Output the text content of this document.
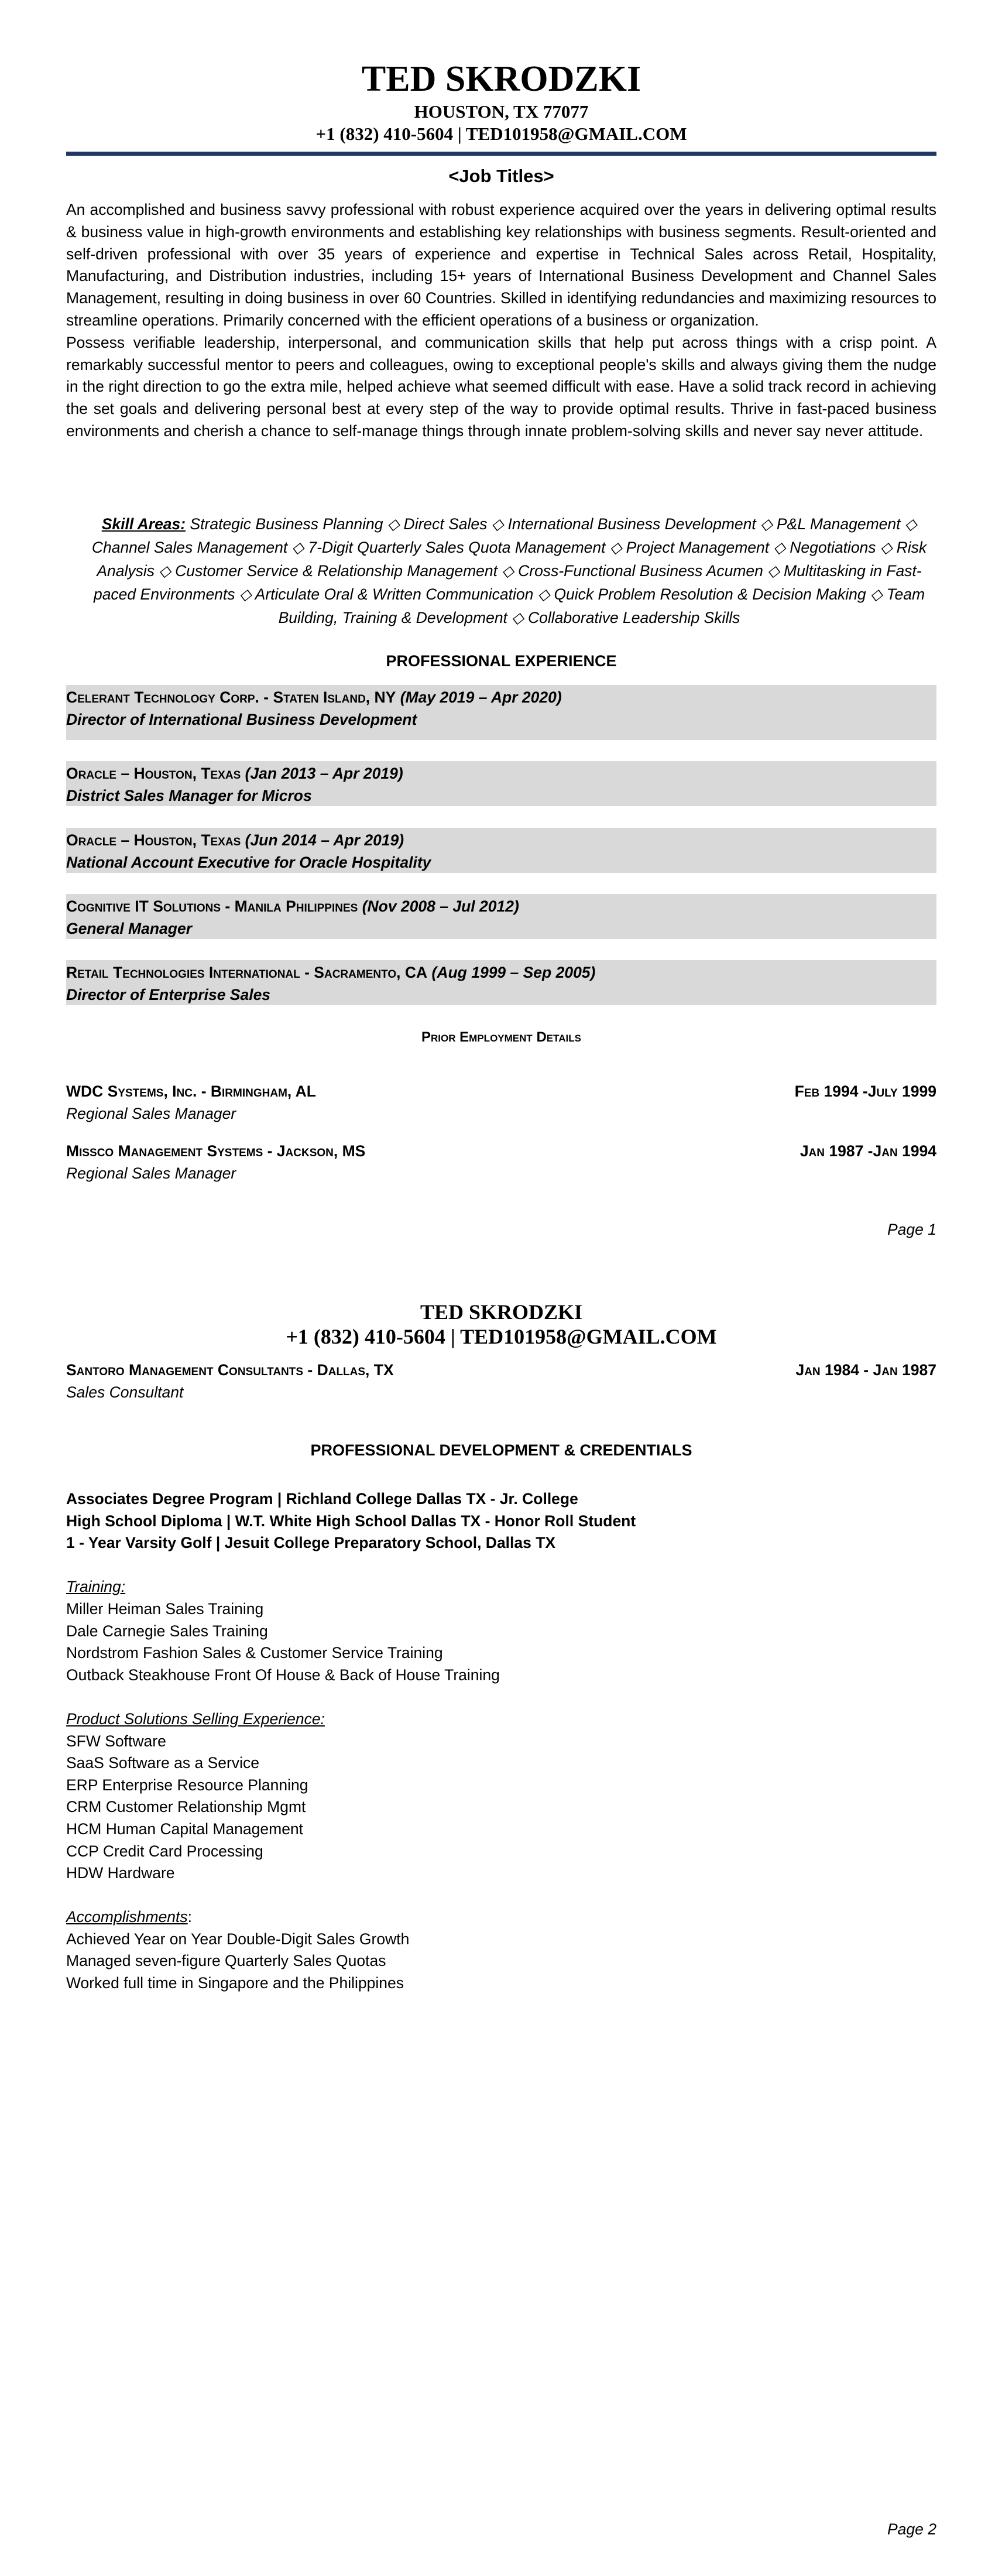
TED SKRODZKI
HOUSTON, TX 77077
+1 (832) 410-5604 | TED101958@GMAIL.COM
<Job Titles>

An accomplished and business savvy professional with robust experience acquired over the years in delivering optimal results & business value in high-growth environments and establishing key relationships with business segments. Result-oriented and self-driven professional with over 35 years of experience and expertise in Technical Sales across Retail, Hospitality, Manufacturing, and Distribution industries, including 15+ years of International Business Development and Channel Sales Management, resulting in doing business in over 60 Countries. Skilled in identifying redundancies and maximizing resources to streamline operations. Primarily concerned with the efficient operations of a business or organization.

Possess verifiable leadership, interpersonal, and communication skills that help put across things with a crisp point. A remarkably successful mentor to peers and colleagues, owing to exceptional people's skills and always giving them the nudge in the right direction to go the extra mile, helped achieve what seemed difficult with ease. Have a solid track record in achieving the set goals and delivering personal best at every step of the way to provide optimal results. Thrive in fast-paced business environments and cherish a chance to self-manage things through innate problem-solving skills and never say never attitude.

Skill Areas: Strategic Business Planning ◇ Direct Sales ◇ International Business Development ◇ P&L Management ◇ Channel Sales Management ◇ 7-Digit Quarterly Sales Quota Management ◇ Project Management ◇ Negotiations ◇ Risk Analysis ◇ Customer Service & Relationship Management ◇ Cross-Functional Business Acumen ◇ Multitasking in Fast-paced Environments ◇ Articulate Oral & Written Communication ◇ Quick Problem Resolution & Decision Making ◇ Team Building, Training & Development ◇ Collaborative Leadership Skills
PROFESSIONAL EXPERIENCE
Celerant Technology Corp. - Staten Island, NY (May 2019 – Apr 2020)
Director of International Business Development
Oracle – Houston, Texas (Jan 2013 – Apr 2019)
District Sales Manager for Micros
Oracle – Houston, Texas (Jun 2014 – Apr 2019)
National Account Executive for Oracle Hospitality
Cognitive IT Solutions - Manila Philippines (Nov 2008 – Jul 2012)
General Manager
Retail Technologies International - Sacramento, CA (Aug 1999 – Sep 2005)
Director of Enterprise Sales
Prior Employment Details
WDC Systems, Inc. - Birmingham, AL	Feb 1994 -July 1999
Regional Sales Manager
Missco Management Systems - Jackson, MS	Jan 1987 -Jan 1994
Regional Sales Manager
Page 1
TED SKRODZKI
+1 (832) 410-5604 | TED101958@GMAIL.COM
Santoro Management Consultants - Dallas, TX	Jan 1984 - Jan 1987
Sales Consultant
PROFESSIONAL DEVELOPMENT & CREDENTIALS
Associates Degree Program | Richland College Dallas TX - Jr. College
High School Diploma | W.T. White High School Dallas TX - Honor Roll Student
1 - Year Varsity Golf | Jesuit College Preparatory School, Dallas TX
Training:
Miller Heiman Sales Training
Dale Carnegie Sales Training
Nordstrom Fashion Sales & Customer Service Training
Outback Steakhouse Front Of House & Back of House Training
Product Solutions Selling Experience:
SFW Software
SaaS Software as a Service
ERP Enterprise Resource Planning
CRM Customer Relationship Mgmt
HCM Human Capital Management
CCP Credit Card Processing
HDW Hardware
Accomplishments:
Achieved Year on Year Double-Digit Sales Growth
Managed seven-figure Quarterly Sales Quotas
Worked full time in Singapore and the Philippines
Page 2
